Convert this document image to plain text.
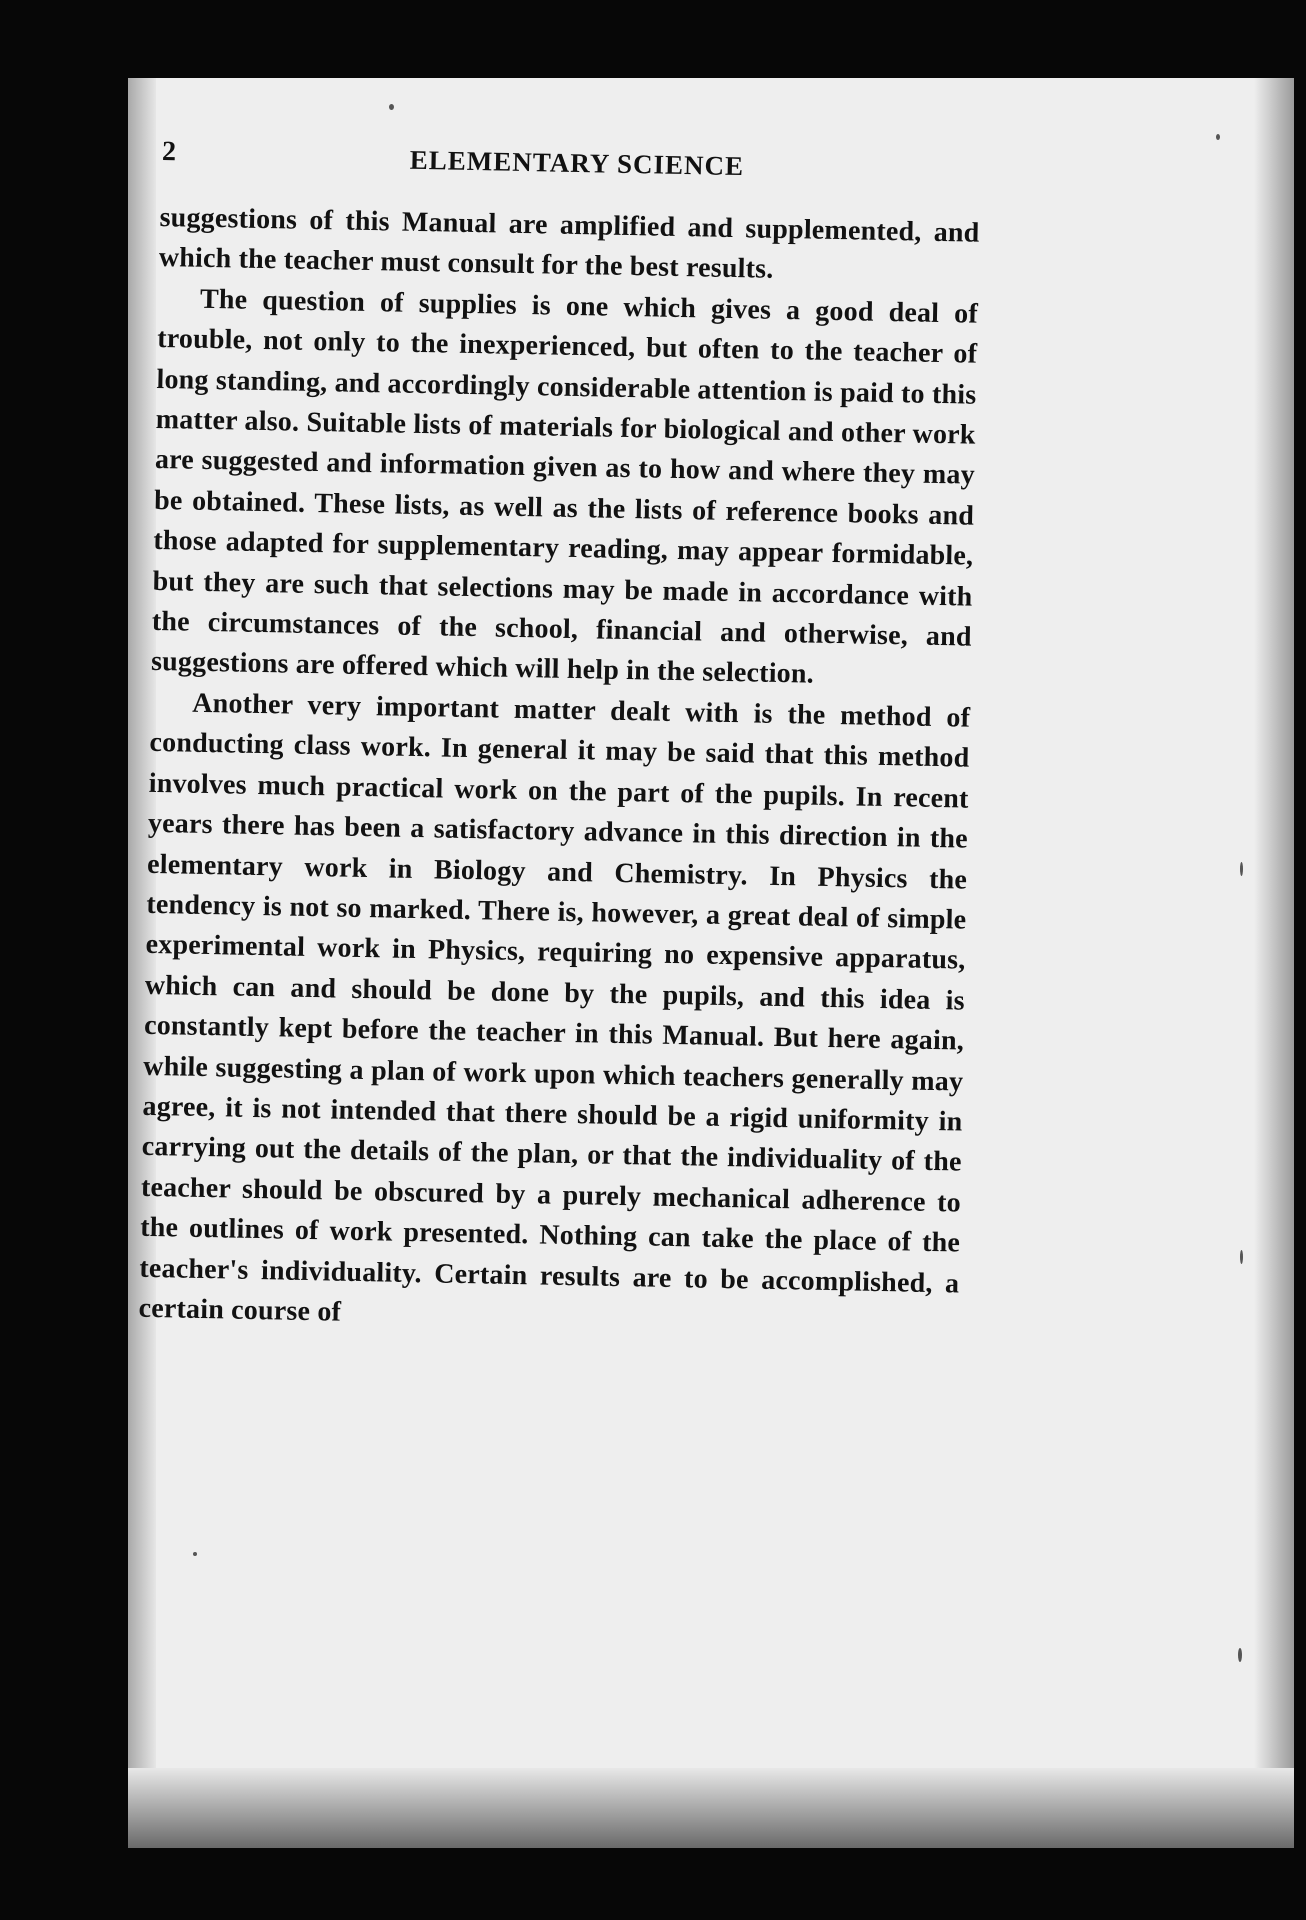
2	ELEMENTARY SCIENCE

suggestions of this Manual are amplified and supplemented, and which the teacher must consult for the best results.

The question of supplies is one which gives a good deal of trouble, not only to the inexperienced, but often to the teacher of long standing, and accordingly considerable attention is paid to this matter also. Suitable lists of materials for biological and other work are suggested and information given as to how and where they may be obtained. These lists, as well as the lists of reference books and those adapted for supplementary reading, may appear formidable, but they are such that selections may be made in accordance with the circumstances of the school, financial and otherwise, and suggestions are offered which will help in the selection.

Another very important matter dealt with is the method of conducting class work. In general it may be said that this method involves much practical work on the part of the pupils. In recent years there has been a satisfactory advance in this direction in the elementary work in Biology and Chemistry. In Physics the tendency is not so marked. There is, however, a great deal of simple experimental work in Physics, requiring no expensive apparatus, which can and should be done by the pupils, and this idea is constantly kept before the teacher in this Manual. But here again, while suggesting a plan of work upon which teachers generally may agree, it is not intended that there should be a rigid uniformity in carrying out the details of the plan, or that the individuality of the teacher should be obscured by a purely mechanical adherence to the outlines of work presented. Nothing can take the place of the teacher's individuality. Certain results are to be accomplished, a certain course of
